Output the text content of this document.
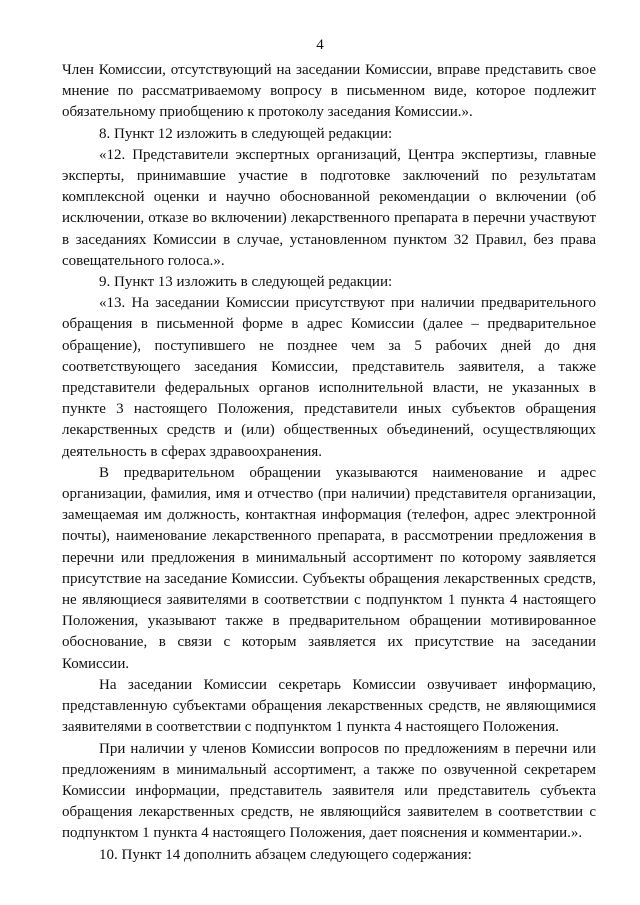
4

Член Комиссии, отсутствующий на заседании Комиссии, вправе представить свое мнение по рассматриваемому вопросу в письменном виде, которое подлежит обязательному приобщению к протоколу заседания Комиссии.».

8. Пункт 12 изложить в следующей редакции:

«12. Представители экспертных организаций, Центра экспертизы, главные эксперты, принимавшие участие в подготовке заключений по результатам комплексной оценки и научно обоснованной рекомендации о включении (об исключении, отказе во включении) лекарственного препарата в перечни участвуют в заседаниях Комиссии в случае, установленном пунктом 32 Правил, без права совещательного голоса.».

9. Пункт 13 изложить в следующей редакции:

«13. На заседании Комиссии присутствуют при наличии предварительного обращения в письменной форме в адрес Комиссии (далее – предварительное обращение), поступившего не позднее чем за 5 рабочих дней до дня соответствующего заседания Комиссии, представитель заявителя, а также представители федеральных органов исполнительной власти, не указанных в пункте 3 настоящего Положения, представители иных субъектов обращения лекарственных средств и (или) общественных объединений, осуществляющих деятельность в сферах здравоохранения.

В предварительном обращении указываются наименование и адрес организации, фамилия, имя и отчество (при наличии) представителя организации, замещаемая им должность, контактная информация (телефон, адрес электронной почты), наименование лекарственного препарата, в рассмотрении предложения в перечни или предложения в минимальный ассортимент по которому заявляется присутствие на заседание Комиссии. Субъекты обращения лекарственных средств, не являющиеся заявителями в соответствии с подпунктом 1 пункта 4 настоящего Положения, указывают также в предварительном обращении мотивированное обоснование, в связи с которым заявляется их присутствие на заседании Комиссии.

На заседании Комиссии секретарь Комиссии озвучивает информацию, представленную субъектами обращения лекарственных средств, не являющимися заявителями в соответствии с подпунктом 1 пункта 4 настоящего Положения.

При наличии у членов Комиссии вопросов по предложениям в перечни или предложениям в минимальный ассортимент, а также по озвученной секретарем Комиссии информации, представитель заявителя или представитель субъекта обращения лекарственных средств, не являющийся заявителем в соответствии с подпунктом 1 пункта 4 настоящего Положения, дает пояснения и комментарии.».

10. Пункт 14 дополнить абзацем следующего содержания:
